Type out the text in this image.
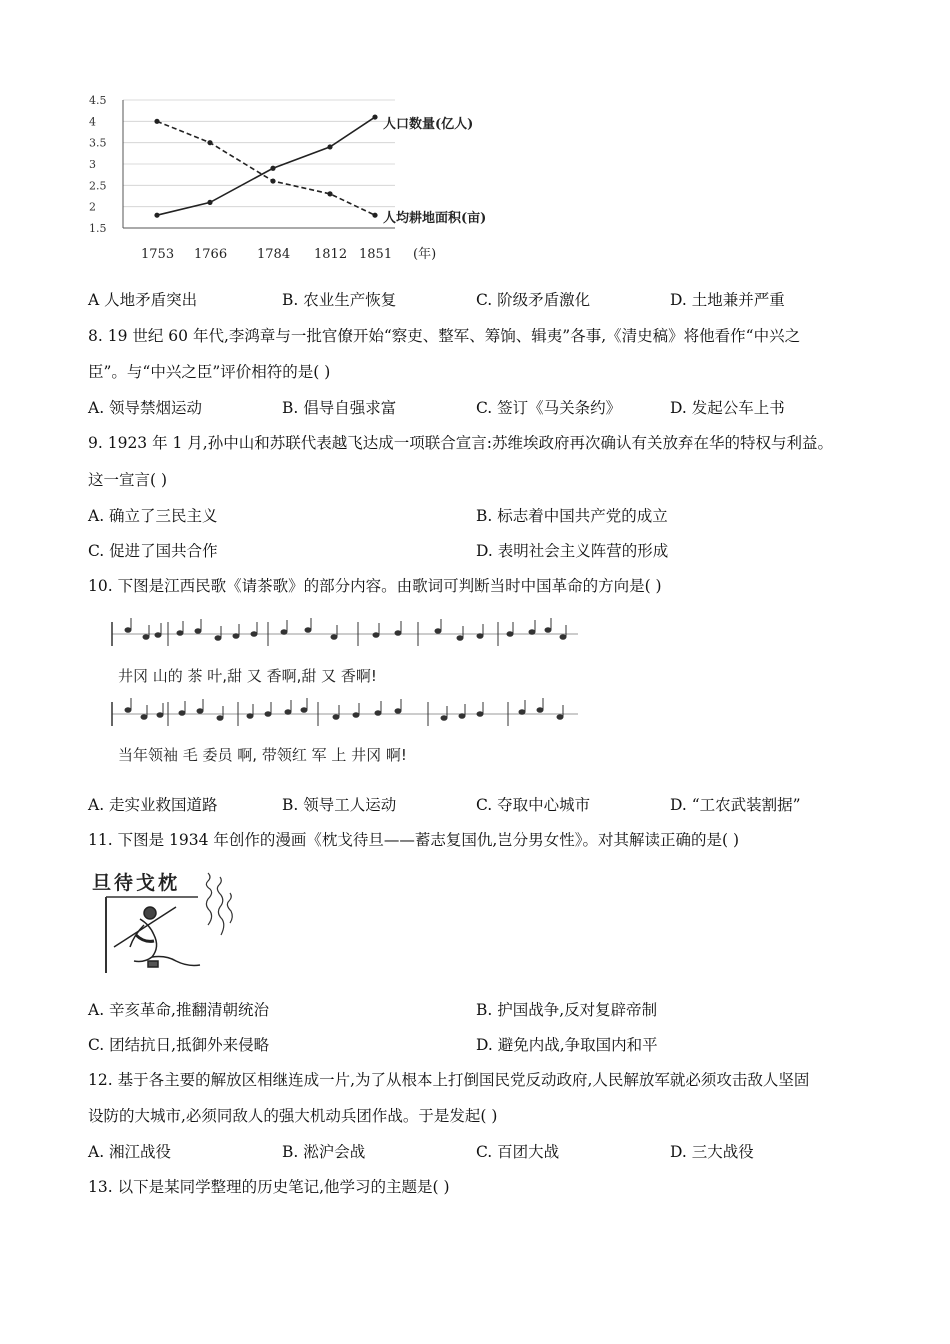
4.5
4
3.5
3
2.5
2
1.5
1753 1766 1784 1812 1851 (年)
人口数量(亿人)
人均耕地面积(亩)
A 人地矛盾突出	B. 农业生产恢复	C. 阶级矛盾激化	D. 土地兼并严重
8. 19 世纪 60 年代,李鸿章与一批官僚开始“察吏、整军、筹饷、辑夷”各事,《清史稿》将他看作“中兴之
臣”。与“中兴之臣”评价相符的是( )
A. 领导禁烟运动	B. 倡导自强求富	C. 签订《马关条约》	D. 发起公车上书
9. 1923 年 1 月,孙中山和苏联代表越飞达成一项联合宣言:苏维埃政府再次确认有关放弃在华的特权与利益。
这一宣言( )
A. 确立了三民主义	B. 标志着中国共产党的成立
C. 促进了国共合作	D. 表明社会主义阵营的形成
10. 下图是江西民歌《请茶歌》的部分内容。由歌词可判断当时中国革命的方向是( )
井冈 山的 茶 叶,甜 又 香啊,甜 又 香啊!
当年领袖 毛 委员 啊, 带领红 军 上 井冈 啊!
A. 走实业救国道路	B. 领导工人运动	C. 夺取中心城市	D. “工农武装割据”
11. 下图是 1934 年创作的漫画《枕戈待旦——蓄志复国仇,岂分男女性》。对其解读正确的是( )
旦待戈枕
A. 辛亥革命,推翻清朝统治	B. 护国战争,反对复辟帝制
C. 团结抗日,抵御外来侵略	D. 避免内战,争取国内和平
12. 基于各主要的解放区相继连成一片,为了从根本上打倒国民党反动政府,人民解放军就必须攻击敌人坚固
设防的大城市,必须同敌人的强大机动兵团作战。于是发起( )
A. 湘江战役	B. 淞沪会战	C. 百团大战	D. 三大战役
13. 以下是某同学整理的历史笔记,他学习的主题是( )
